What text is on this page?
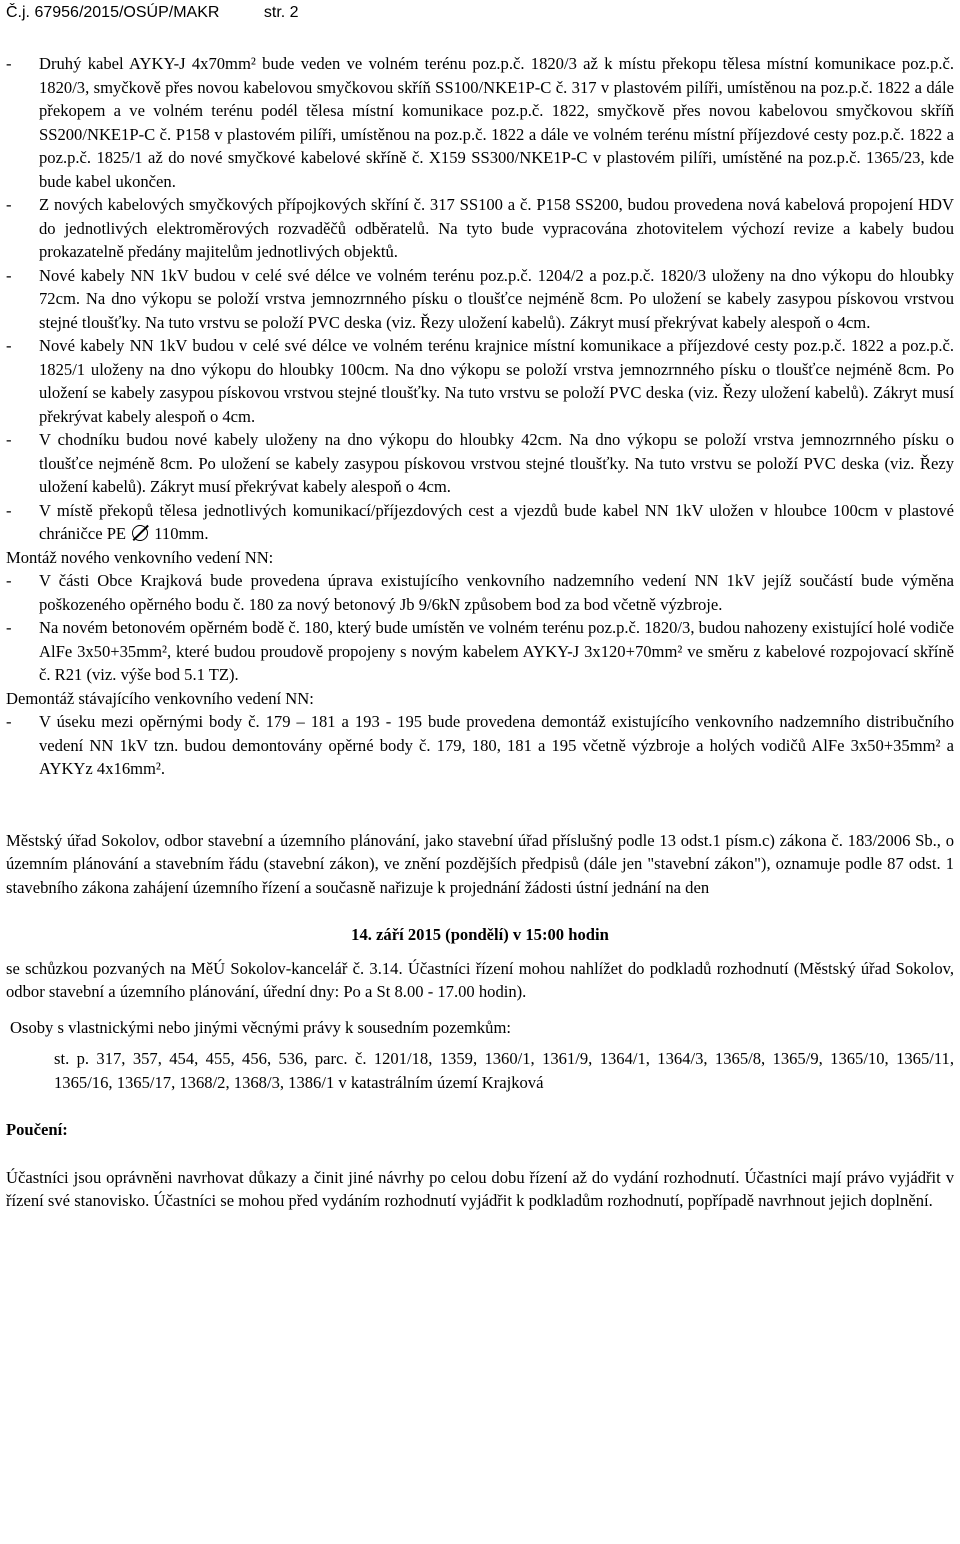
Č.j. 67956/2015/OSÚP/MAKR	str. 2
- Druhý kabel AYKY-J 4x70mm² bude veden ve volném terénu poz.p.č. 1820/3 až k místu překopu tělesa místní komunikace poz.p.č. 1820/3, smyčkově přes novou kabelovou smyčkovou skříň SS100/NKE1P-C č. 317 v plastovém pilíři, umístěnou na poz.p.č. 1822 a dále překopem a ve volném terénu podél tělesa místní komunikace poz.p.č. 1822, smyčkově přes novou kabelovou smyčkovou skříň SS200/NKE1P-C č. P158 v plastovém pilíři, umístěnou na poz.p.č. 1822 a dále ve volném terénu místní příjezdové cesty poz.p.č. 1822 a poz.p.č. 1825/1 až do nové smyčkové kabelové skříně č. X159 SS300/NKE1P-C v plastovém pilíři, umístěné na poz.p.č. 1365/23, kde bude kabel ukončen.
- Z nových kabelových smyčkových přípojkových skříní č. 317 SS100 a č. P158 SS200, budou provedena nová kabelová propojení HDV do jednotlivých elektroměrových rozvaděčů odběratelů. Na tyto bude vypracována zhotovitelem výchozí revize a kabely budou prokazatelně předány majitelům jednotlivých objektů.
- Nové kabely NN 1kV budou v celé své délce ve volném terénu poz.p.č. 1204/2 a poz.p.č. 1820/3 uloženy na dno výkopu do hloubky 72cm. Na dno výkopu se položí vrstva jemnozrnného písku o tloušťce nejméně 8cm. Po uložení se kabely zasypou pískovou vrstvou stejné tloušťky. Na tuto vrstvu se položí PVC deska (viz. Řezy uložení kabelů). Zákryt musí překrývat kabely alespoň o 4cm.
- Nové kabely NN 1kV budou v celé své délce ve volném terénu krajnice místní komunikace a příjezdové cesty poz.p.č. 1822 a poz.p.č. 1825/1 uloženy na dno výkopu do hloubky 100cm. Na dno výkopu se položí vrstva jemnozrnného písku o tloušťce nejméně 8cm. Po uložení se kabely zasypou pískovou vrstvou stejné tloušťky. Na tuto vrstvu se položí PVC deska (viz. Řezy uložení kabelů). Zákryt musí překrývat kabely alespoň o 4cm.
- V chodníku budou nové kabely uloženy na dno výkopu do hloubky 42cm. Na dno výkopu se položí vrstva jemnozrnného písku o tloušťce nejméně 8cm. Po uložení se kabely zasypou pískovou vrstvou stejné tloušťky. Na tuto vrstvu se položí PVC deska (viz. Řezy uložení kabelů). Zákryt musí překrývat kabely alespoň o 4cm.
- V místě překopů tělesa jednotlivých komunikací/příjezdových cest a vjezdů bude kabel NN 1kV uložen v hloubce 100cm v plastové chráničce PE 110mm.

Montáž nového venkovního vedení NN:

- V části Obce Krajková bude provedena úprava existujícího venkovního nadzemního vedení NN 1kV jejíž součástí bude výměna poškozeného opěrného bodu č. 180 za nový betonový Jb 9/6kN způsobem bod za bod včetně výzbroje.
- Na novém betonovém opěrném bodě č. 180, který bude umístěn ve volném terénu poz.p.č. 1820/3, budou nahozeny existující holé vodiče AlFe 3x50+35mm², které budou proudově propojeny s novým kabelem AYKY-J 3x120+70mm² ve směru z kabelové rozpojovací skříně č. R21 (viz. výše bod 5.1 TZ).

Demontáž stávajícího venkovního vedení NN:

- V úseku mezi opěrnými body č. 179 – 181 a 193 - 195 bude provedena demontáž existujícího venkovního nadzemního distribučního vedení NN 1kV tzn. budou demontovány opěrné body č. 179, 180, 181 a 195 včetně výzbroje a holých vodičů AlFe 3x50+35mm² a AYKYz 4x16mm².

Městský úřad Sokolov, odbor stavební a územního plánování, jako stavební úřad příslušný podle 13 odst.1 písm.c) zákona č. 183/2006 Sb., o územním plánování a stavebním řádu (stavební zákon), ve znění pozdějších předpisů (dále jen "stavební zákon"), oznamuje podle 87 odst. 1 stavebního zákona zahájení územního řízení a současně nařizuje k projednání žádosti ústní jednání na den

14. září 2015 (pondělí) v 15:00 hodin

se schůzkou pozvaných na MěÚ Sokolov-kancelář č. 3.14. Účastníci řízení mohou nahlížet do podkladů rozhodnutí (Městský úřad Sokolov, odbor stavební a územního plánování, úřední dny: Po a St 8.00 - 17.00 hodin).

Osoby s vlastnickými nebo jinými věcnými právy k sousedním pozemkům:

st. p. 317, 357, 454, 455, 456, 536, parc. č. 1201/18, 1359, 1360/1, 1361/9, 1364/1, 1364/3, 1365/8, 1365/9, 1365/10, 1365/11, 1365/16, 1365/17, 1368/2, 1368/3, 1386/1 v katastrálním území Krajková

Poučení:

Účastníci jsou oprávněni navrhovat důkazy a činit jiné návrhy po celou dobu řízení až do vydání rozhodnutí. Účastníci mají právo vyjádřit v řízení své stanovisko. Účastníci se mohou před vydáním rozhodnutí vyjádřit k podkladům rozhodnutí, popřípadě navrhnout jejich doplnění.
